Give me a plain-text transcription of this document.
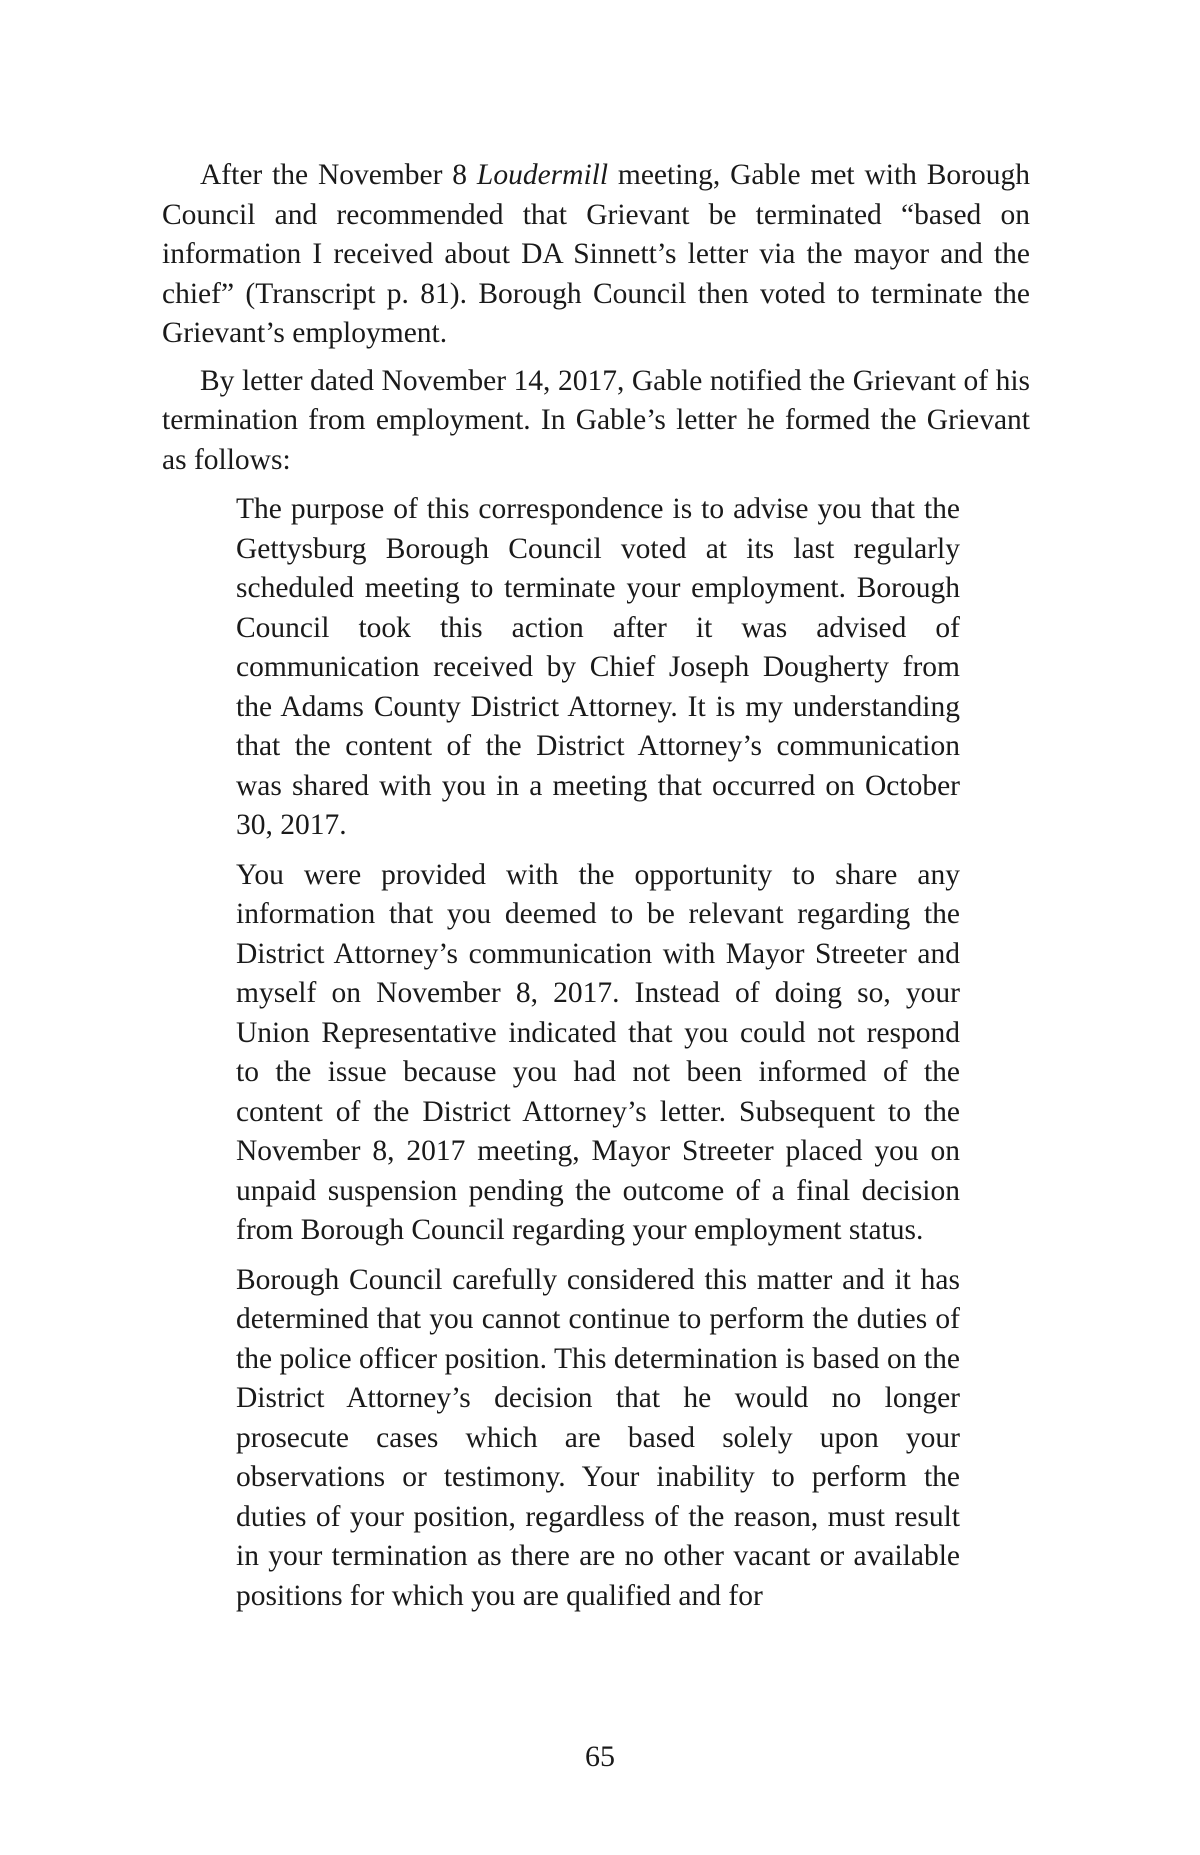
After the November 8 Loudermill meeting, Gable met with Borough Council and recommended that Grievant be terminated “based on information I received about DA Sinnett’s letter via the mayor and the chief” (Transcript p. 81). Borough Council then voted to terminate the Grievant’s employment.

By letter dated November 14, 2017, Gable notified the Grievant of his termination from employment. In Gable’s letter he formed the Grievant as follows:

The purpose of this correspondence is to advise you that the Gettysburg Borough Council voted at its last regularly scheduled meeting to terminate your employment. Borough Council took this action after it was advised of communication received by Chief Joseph Dougherty from the Adams County District Attorney. It is my understanding that the content of the District Attorney’s communication was shared with you in a meeting that occurred on October 30, 2017.

You were provided with the opportunity to share any information that you deemed to be relevant regarding the District Attorney’s communication with Mayor Streeter and myself on November 8, 2017. Instead of doing so, your Union Representative indicated that you could not respond to the issue because you had not been informed of the content of the District Attorney’s letter. Subsequent to the November 8, 2017 meeting, Mayor Streeter placed you on unpaid suspension pending the outcome of a final decision from Borough Council regarding your employment status.

Borough Council carefully considered this matter and it has determined that you cannot continue to perform the duties of the police officer position. This determination is based on the District Attorney’s decision that he would no longer prosecute cases which are based solely upon your observations or testimony. Your inability to perform the duties of your position, regardless of the reason, must result in your termination as there are no other vacant or available positions for which you are qualified and for

65
